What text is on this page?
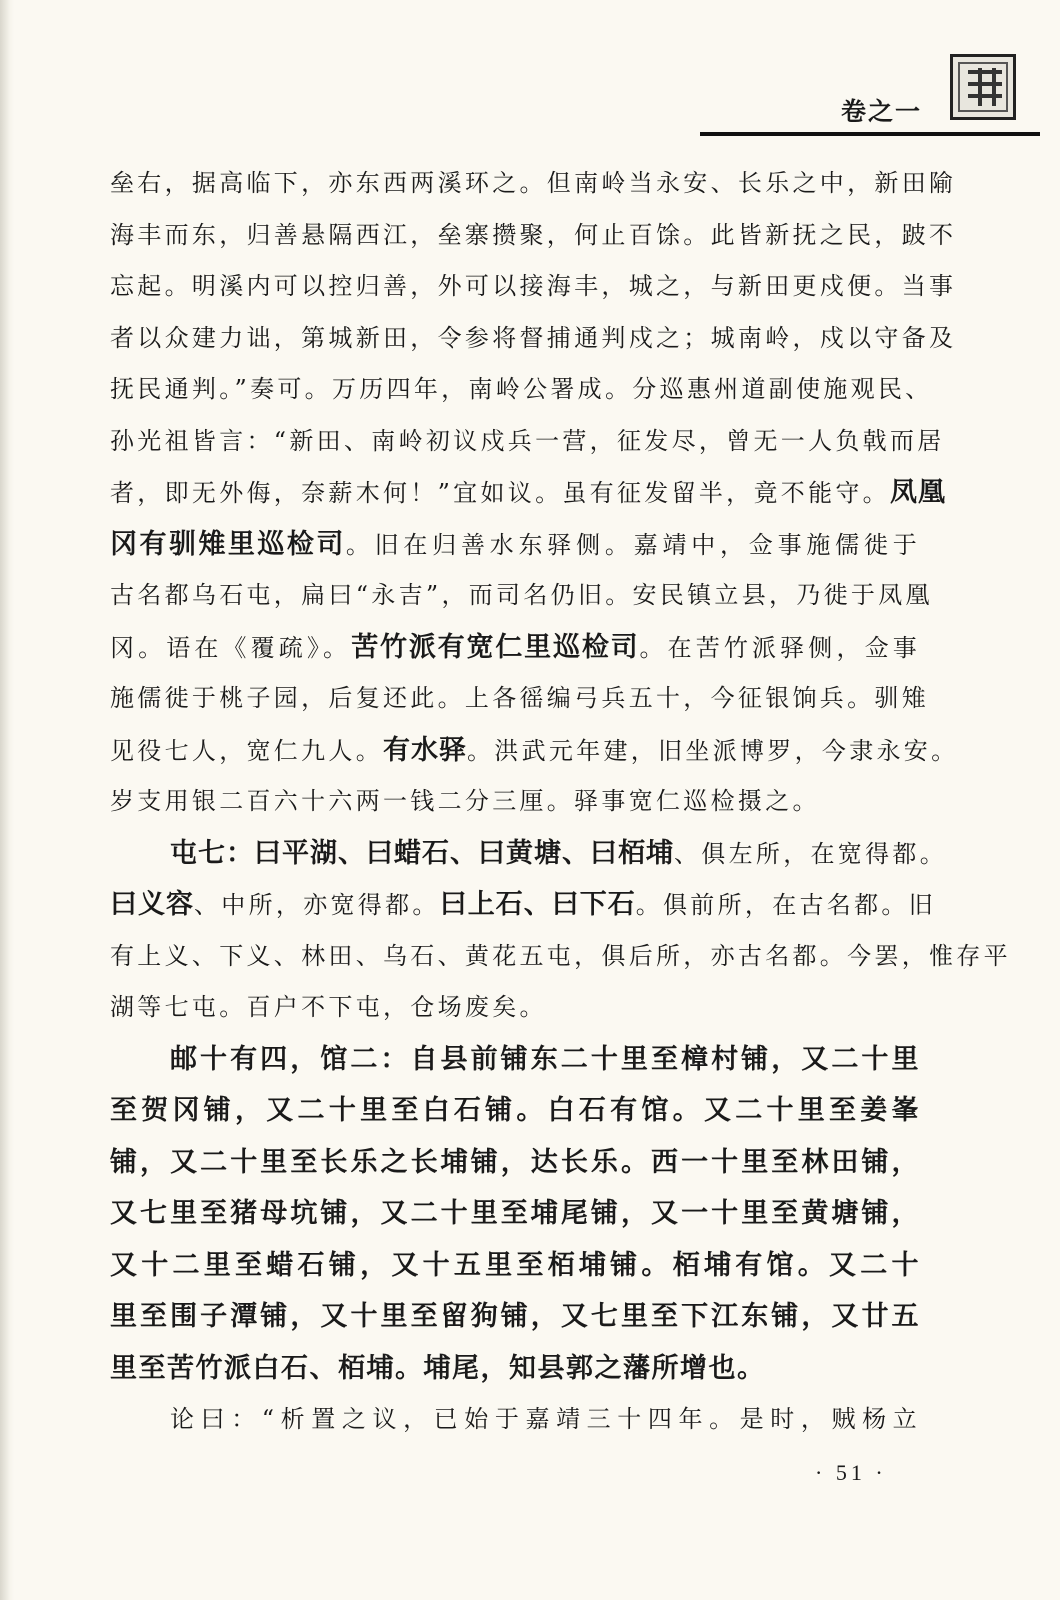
卷之一
垒右，据高临下，亦东西两溪环之。但南岭当永安、长乐之中，新田隃
海丰而东，归善悬隔西江，垒寨攒聚，何止百馀。此皆新抚之民，跛不
忘起。明溪内可以控归善，外可以接海丰，城之，与新田更戍便。当事
者以众建力诎，第城新田，令参将督捕通判戍之；城南岭，戍以守备及
抚民通判。”奏可。万历四年，南岭公署成。分巡惠州道副使施观民、
孙光祖皆言：“新田、南岭初议戍兵一营，征发尽，曾无一人负戟而居
者，即无外侮，奈薪木何！”宜如议。虽有征发留半，竟不能守。凤凰
冈有驯雉里巡检司。旧在归善水东驿侧。嘉靖中，佥事施儒徙于
古名都乌石屯，扁曰“永吉”，而司名仍旧。安民镇立县，乃徙于凤凰
冈。语在《覆疏》。苦竹派有宽仁里巡检司。在苦竹派驿侧，佥事
施儒徙于桃子园，后复还此。上各徭编弓兵五十，今征银饷兵。驯雉
见役七人，宽仁九人。有水驿。洪武元年建，旧坐派博罗，今隶永安。
岁支用银二百六十六两一钱二分三厘。驿事宽仁巡检摄之。
屯七：曰平湖、曰蜡石、曰黄塘、曰栢埔、俱左所，在宽得都。
曰义容、中所，亦宽得都。曰上石、曰下石。俱前所，在古名都。旧
有上义、下义、林田、乌石、黄花五屯，俱后所，亦古名都。今罢，惟存平
湖等七屯。百户不下屯，仓场废矣。
邮十有四，馆二：自县前铺东二十里至樟村铺，又二十里
至贺冈铺，又二十里至白石铺。白石有馆。又二十里至姜峯
铺，又二十里至长乐之长埔铺，达长乐。西一十里至林田铺，
又七里至猪母坑铺，又二十里至埔尾铺，又一十里至黄塘铺，
又十二里至蜡石铺，又十五里至栢埔铺。栢埔有馆。又二十
里至围子潭铺，又十里至留狗铺，又七里至下江东铺，又廿五
里至苦竹派白石、栢埔。埔尾，知县郭之藩所增也。
论曰：“析置之议，已始于嘉靖三十四年。是时，贼杨立
· 51 ·
